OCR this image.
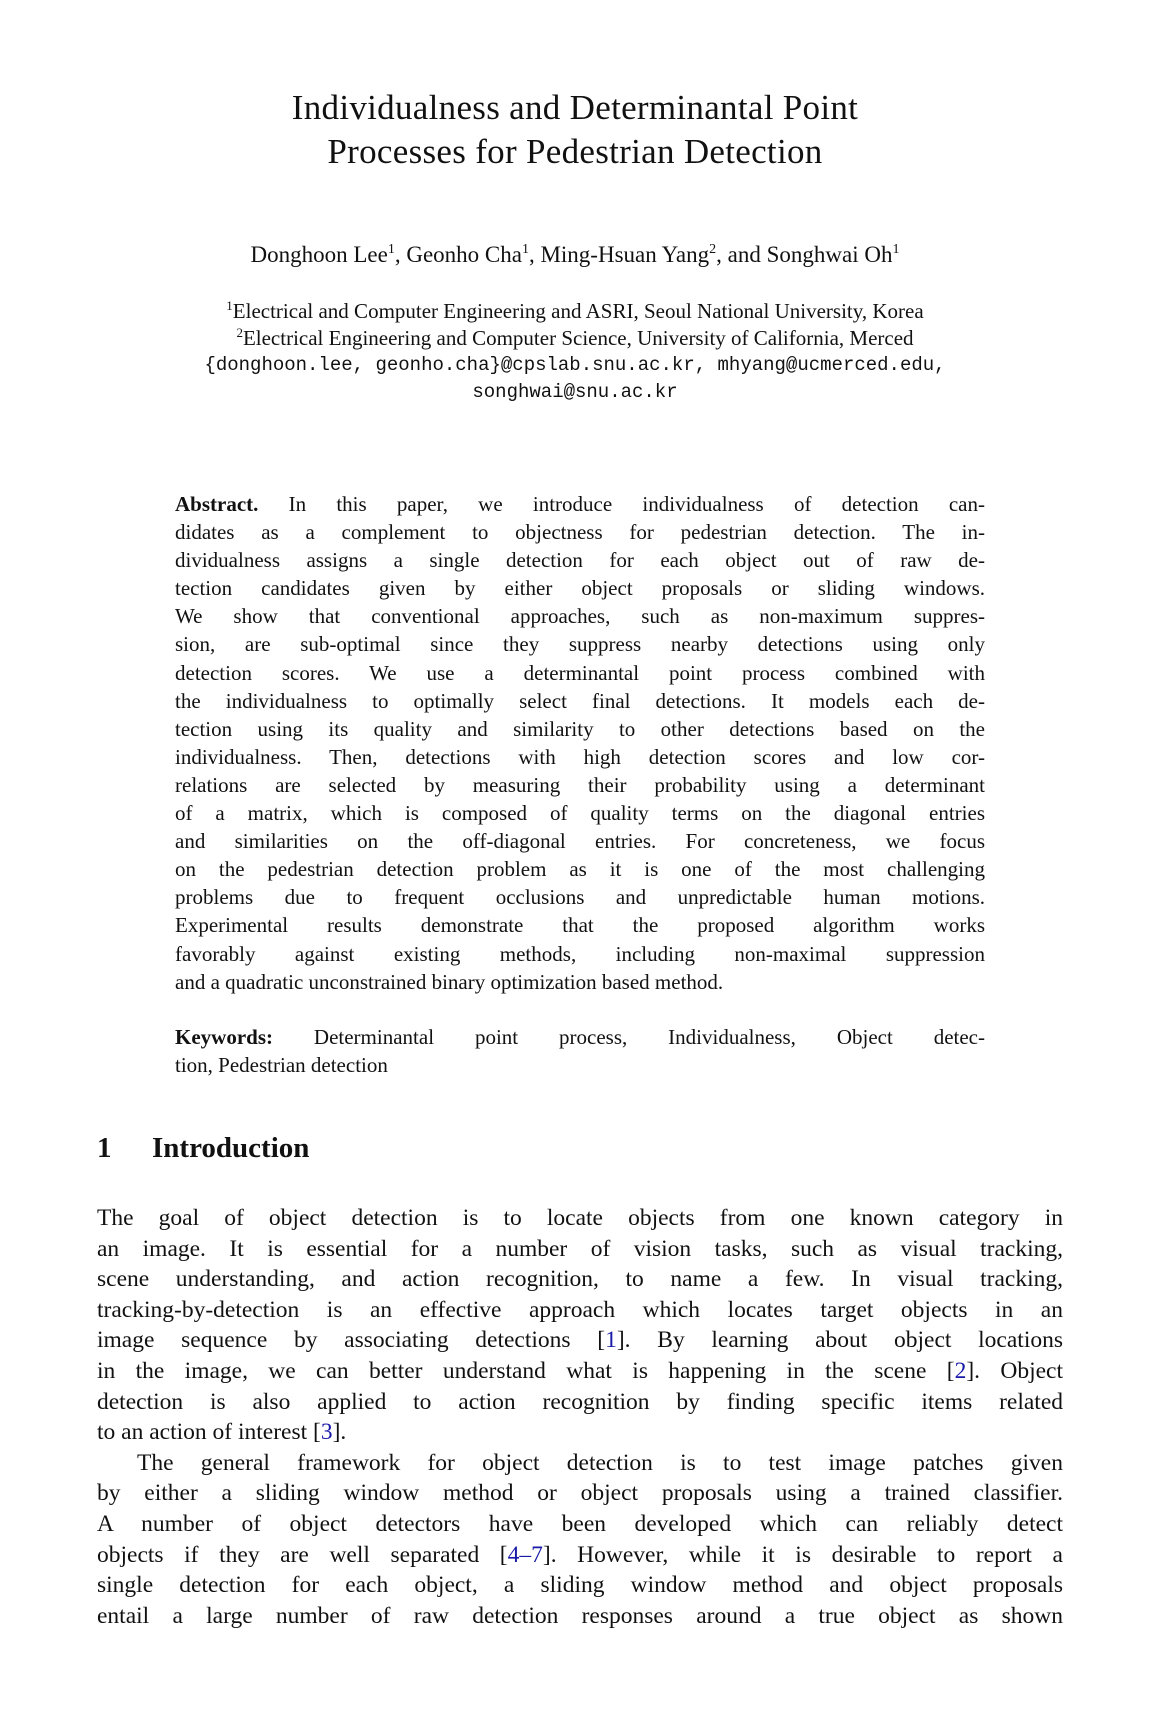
Individualness and Determinantal Point
Processes for Pedestrian Detection
Donghoon Lee$^1$, Geonho Cha$^1$, Ming-Hsuan Yang$^2$, and Songhwai Oh$^1$
$^1$Electrical and Computer Engineering and ASRI, Seoul National University, Korea
$^2$Electrical Engineering and Computer Science, University of California, Merced
{donghoon.lee, geonho.cha}@cpslab.snu.ac.kr, mhyang@ucmerced.edu,
songhwai@snu.ac.kr
Abstract. In this paper, we introduce individualness of detection can-
didates as a complement to objectness for pedestrian detection. The in-
dividualness assigns a single detection for each object out of raw de-
tection candidates given by either object proposals or sliding windows.
We show that conventional approaches, such as non-maximum suppres-
sion, are sub-optimal since they suppress nearby detections using only
detection scores. We use a determinantal point process combined with
the individualness to optimally select final detections. It models each de-
tection using its quality and similarity to other detections based on the
individualness. Then, detections with high detection scores and low cor-
relations are selected by measuring their probability using a determinant
of a matrix, which is composed of quality terms on the diagonal entries
and similarities on the off-diagonal entries. For concreteness, we focus
on the pedestrian detection problem as it is one of the most challenging
problems due to frequent occlusions and unpredictable human motions.
Experimental results demonstrate that the proposed algorithm works
favorably against existing methods, including non-maximal suppression
and a quadratic unconstrained binary optimization based method.
Keywords: Determinantal point process, Individualness, Object detec-
tion, Pedestrian detection
1 Introduction
The goal of object detection is to locate objects from one known category in
an image. It is essential for a number of vision tasks, such as visual tracking,
scene understanding, and action recognition, to name a few. In visual tracking,
tracking-by-detection is an effective approach which locates target objects in an
image sequence by associating detections [1]. By learning about object locations
in the image, we can better understand what is happening in the scene [2]. Object
detection is also applied to action recognition by finding specific items related
to an action of interest [3].
The general framework for object detection is to test image patches given
by either a sliding window method or object proposals using a trained classifier.
A number of object detectors have been developed which can reliably detect
objects if they are well separated [4–7]. However, while it is desirable to report a
single detection for each object, a sliding window method and object proposals
entail a large number of raw detection responses around a true object as shown
